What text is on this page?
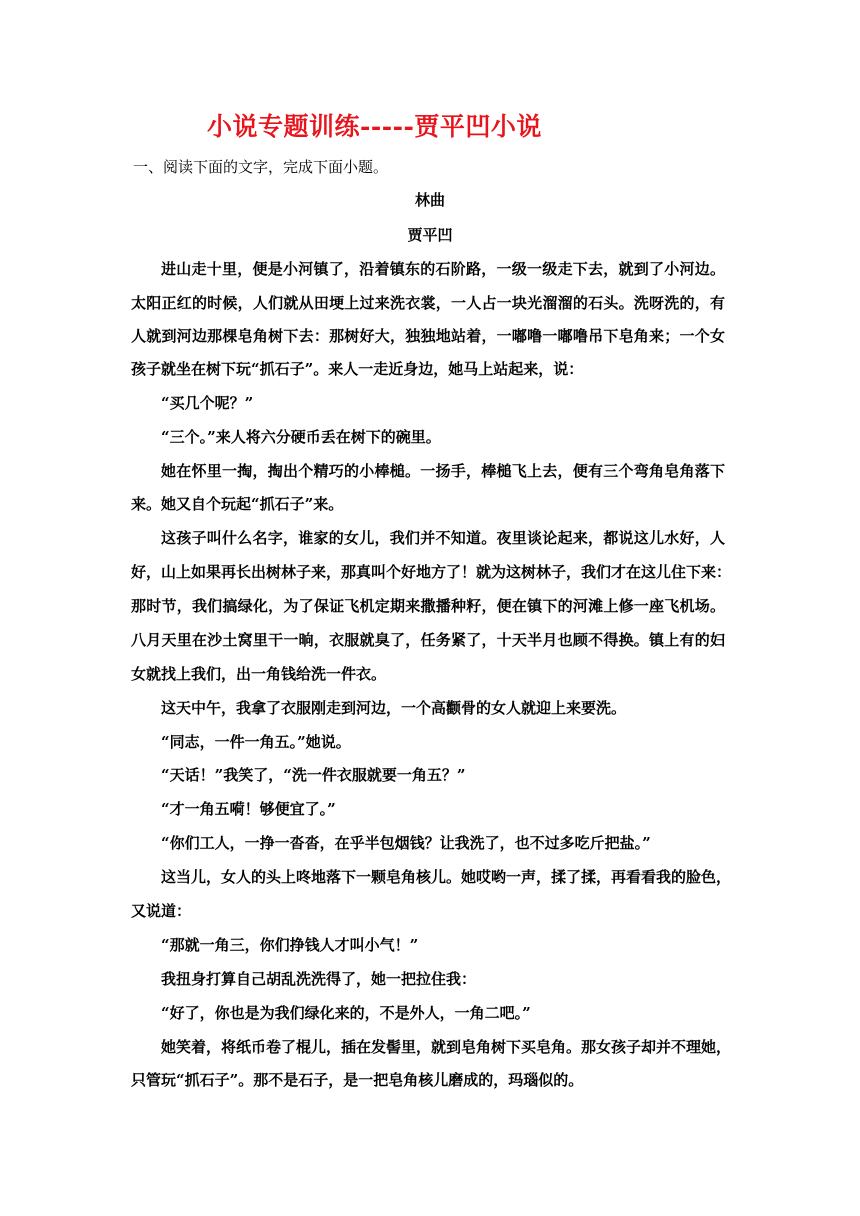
小说专题训练-----贾平凹小说
一、阅读下面的文字，完成下面小题。
林曲
贾平凹
进山走十里，便是小河镇了，沿着镇东的石阶路，一级一级走下去，就到了小河边。
太阳正红的时候，人们就从田埂上过来洗衣裳，一人占一块光溜溜的石头。洗呀洗的，有
人就到河边那棵皂角树下去：那树好大，独独地站着，一嘟噜一嘟噜吊下皂角来；一个女
孩子就坐在树下玩“抓石子”。来人一走近身边，她马上站起来，说：
“买几个呢？”
“三个。”来人将六分硬币丢在树下的碗里。
她在怀里一掏，掏出个精巧的小棒槌。一扬手，棒槌飞上去，便有三个弯角皂角落下
来。她又自个玩起“抓石子”来。
这孩子叫什么名字，谁家的女儿，我们并不知道。夜里谈论起来，都说这儿水好，人
好，山上如果再长出树林子来，那真叫个好地方了！就为这树林子，我们才在这儿住下来：
那时节，我们搞绿化，为了保证飞机定期来撒播种籽，便在镇下的河滩上修一座飞机场。
八月天里在沙土窝里干一晌，衣服就臭了，任务紧了，十天半月也顾不得换。镇上有的妇
女就找上我们，出一角钱给洗一件衣。
这天中午，我拿了衣服刚走到河边，一个高颧骨的女人就迎上来要洗。
“同志，一件一角五。”她说。
“天话！”我笑了，“洗一件衣服就要一角五？”
“才一角五嗬！够便宜了。”
“你们工人，一挣一沓沓，在乎半包烟钱？让我洗了，也不过多吃斤把盐。”
这当儿，女人的头上咚地落下一颗皂角核儿。她哎哟一声，揉了揉，再看看我的脸色，
又说道：
“那就一角三，你们挣钱人才叫小气！”
我扭身打算自己胡乱洗洗得了，她一把拉住我：
“好了，你也是为我们绿化来的，不是外人，一角二吧。”
她笑着，将纸币卷了棍儿，插在发髻里，就到皂角树下买皂角。那女孩子却并不理她，
只管玩“抓石子”。那不是石子，是一把皂角核儿磨成的，玛瑙似的。
